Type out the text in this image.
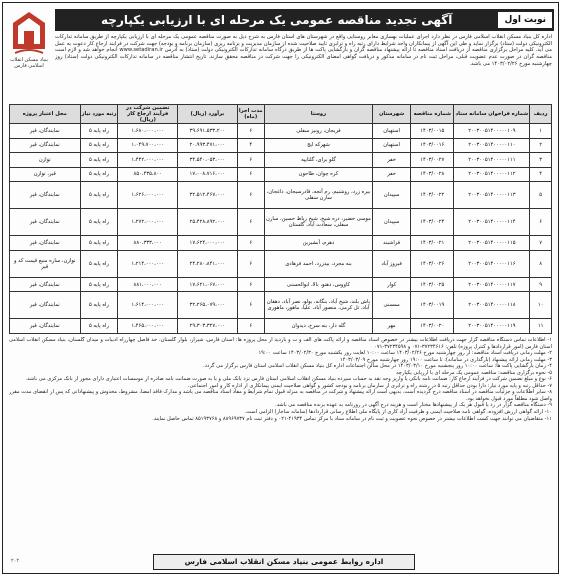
بنیاد مسکن انقلاب اسلامی فارس
نوبت اول
آگهی تجدید مناقصه عمومی یک مرحله ای با ارزیابی یکپارچه
اداره کل بنیاد مسکن انقلاب اسلامی فارس در نظر دارد اجرای عملیات بهسازی معابر روستایی واقع در شهرستان های استان فارس به شرح ذیل به صورت مناقصه عمومی یک مرحله ای با ارزیابی یکپارچه از طریق سامانه تدارکات الکترونیکی دولت (ستاد) برگزار نماید و طی این آگهی از پیمانکاران واجد شرایط دارای رتبه راه و ترابری تایید صلاحیت شده از سازمان مدیریت و برنامه ریزی (سازمان برنامه و بودجه) جهت شرکت در فرایند ارجاع کار دعوت به عمل می آید. کلیه مراحل برگزاری مناقصه از دریافت اسناد مناقصه تا ارائه پیشنهاد مناقصه گران و بازگشایی پاکت ها از طریق درگاه سامانه تدارکات الکترونیکی دولت (ستاد) به آدرس www.setadiran.ir انجام خواهد شد و لازم است مناقصه گران در صورت عدم عضویت قبلی، مراحل ثبت نام در سامانه مذکور و دریافت گواهی امضای الکترونیکی را جهت شرکت در مناقصه محقق سازند. تاریخ انتشار مناقصه در سامانه تدارکات الکترونیکی دولت (ستاد) روز چهارشنبه مورخ ۱۴۰۳/۰۲/۲۶ می باشد.
ردیف	شماره فراخوان سامانه ستاد	شماره مناقصه	شهرستان	روستا	مدت اجرا (ماه)	برآورد (ریال)	تضمین شرکت در فرآیند ارجاع کار (ریال)	رتبه مورد نیاز	محل اعتبار پروژه
۱	۲۰۰۳۰۰۵۱۴۰۰۰۰۰۱۰۹	۱۴۰۳/۰۰۱۵	استهبان	فریجان، رونیز سفلی	۶	۳۹،۶۹۱،۵۳۳،۲۰۰	۱،۶۸۰،۰۰۰،۰۰۰	راه پایه ۵	نمایندگان، قیر
۲	۲۰۰۳۰۰۵۱۴۰۰۰۰۰۱۱۰	۱۴۰۳/۰۰۱۶	استهبان	شهرکه ایج	۴	۲۰،۹۹۳،۴۷۱،۰۰۰	۱،۰۴۹،۷۰۰،۰۰۰	راه پایه ۵	نمایندگان، قیر
۳	۲۰۰۳۰۰۵۱۴۰۰۰۰۰۱۱۱	۱۴۰۳/۰۰۲۷	خفر	گلو برای، گلتایپه	۶	۳۴،۵۴۰،۰۵۳،۰۰۰	۱،۴۴۲،۰۰۰،۰۰۰	راه پایه ۵	توازن
۴	۲۰۰۳۰۰۵۱۴۰۰۰۰۰۱۱۲	۱۴۰۳/۰۰۲۸	خفر	کره چوان، طاحون	۶	۱۷،۰۰۸،۷۱۶،۰۰۰	۸۵۰،۴۳۵،۸۰۰	راه پایه ۵	قیر، توازن
۵	۲۰۰۳۰۰۵۱۴۰۰۰۰۰۱۱۳	۱۴۰۳/۰۰۲۲	سپیدان	بیره زرد، روشنیم، رم آنجه، قادرسیجان، داغجان، سارن سفلی	۶	۳۲،۵۱۲،۴۶۷،۰۰۰	۱،۶۲۶،۰۰۰،۰۰۰	راه پایه ۵	نمایندگان، قیر
۶	۲۰۰۳۰۰۵۱۴۰۰۰۰۰۱۱۴	۱۴۰۳/۰۰۲۴	سپیدان	موسی خضیر، دره شیخ، شیخ رباط حسین، سارن سفلی، سعادت آباد، گلستان	۶	۲۵،۴۲۸،۸۹۲،۰۰۰	۱،۲۷۲،۰۰۰،۰۰۰	راه پایه ۵	نمایندگان، قیر
۷	۲۰۰۳۰۰۵۱۴۰۰۰۰۰۱۱۵	۱۴۰۳/۰۰۲۱	فراشبند	دهرم، آبشیرین	۶	۱۷،۶۲۴،۰۰۰،۰۰۰	۸۸۰،۳۳۳،۰۰۰	راه پایه ۵	نمایندگان، قیر
۸	۲۰۰۳۰۰۵۱۴۰۰۰۰۰۱۱۶	۱۴۰۳/۰۰۲۶	فیروز آباد	بنه مجرد، بیدزرد، احمد فرهادی	۶	۲۴،۲۸۰،۸۴۱،۰۰۰	۱،۲۱۴،۰۰۰،۰۰۰	راه پایه ۵	نوازن، ساره منبع قیمت کد و قیر
۹	۲۰۰۳۰۰۵۱۴۰۰۰۰۰۱۱۷	۱۴۰۳/۰۰۲۵	کوار	کاووس، دهنو، بالا، ابوالحسنی	۶	۱۷،۶۲۱،۰۶۷،۰۰۰	۸۸۱،۰۰۰،۰۰۰	راه پایه ۵	نمایندگان، قیر
۱۰	۲۰۰۳۰۰۵۱۴۰۰۰۰۰۱۱۸	۱۴۰۳/۰۰۱۹	ممسنی	باش بلند، شیخ آباد، بنگانه، بولو، نصر آباد، دهقان آباد، تل کرمی، منصور آباد، علیا، ماهور، ماهوری	۶	۳۲،۲۶۵،۰۷۹،۰۰۰	۱،۶۱۴،۰۰۰،۰۰۰	راه پایه ۵	نمایندگان، قیر
۱۱	۲۰۰۳۰۰۵۱۴۰۰۰۰۰۱۱۹	۱۴۰۳/۰۰۲۰	مهر	گله دار، بنه سرخ، دیدوان	۶	۲۹،۳۰۳،۳۲۷،۰۰۰	۱،۴۶۵،۰۰۰،۰۰۰	راه پایه ۵	نمایندگان، قیر

۱- اطلاعات تماس دستگاه مناقصه گزار جهت دریافت اطلاعات بیشتر در خصوص اسناد مناقصه و ارائه پاکت های الف و ب و بازدید از محل پروژه ها: استان فارس، شیراز، بلوار گلستان، حد فاصل چهارراه ادبیات و میدان گلستان، بنیاد مسکن انقلاب اسلامی استان فارس (امور قراردادها و کنترل پروژه) تلفن: ۳۷۲۳۴۶۱۶-۰۷۱ و ۳۷۲۳۴۵۹۸-۰۷۱

۲- مهلت زمانی دریافت اسناد مناقصه: از روز چهارشنبه مورخ ۱۴۰۳/۰۲/۲۶ ساعت ۱۰:۰۰ لغایت روز یکشنبه مورخ ۱۴۰۳/۰۲/۳۰ ساعت ۱۹:۰۰

۳- مهلت زمانی ارائه پیشنهاد (بارگذاری در سامانه): تا ساعت ۱۹:۰۰ روز چهارشنبه مورخ ۱۴۰۳/۰۳/۰۹

۴- زمان بازگشایی پاکت ها: ساعت ۱۰:۰۰ روز پنجشنبه مورخ ۱۴۰۳/۰۳/۱۰ در محل سالن اجتماعات اداره کل بنیاد مسکن انقلاب اسلامی استان فارس برگزار می گردد.

۵- نحوه برگزاری مناقصه: مناقصه عمومی یک مرحله ای با ارزیابی یکپارچه

۶- نوع و مبلغ تضمین شرکت در فرآیند ارجاع کار: ضمانت نامه بانکی یا واریز وجه نقد به حساب سپرده بنیاد مسکن انقلاب اسلامی استان فارس نزد بانک ملی و یا به صورت ضمانت نامه صادره از موسسات اعتباری دارای مجوز از بانک مرکزی می باشد.

۷- حداقل رتبه و پایه مورد نیاز: دارا بودن حداقل رتبه ۵ در رشته راه و ترابری از سازمان برنامه و بودجه کشور و گواهی صلاحیت ایمنی پیمانکاری از اداره کار و امور اجتماعی.

۸- سایر اطلاعات و جزئیات مناقصه در اسناد مناقصه درج گردیده است. بدیهی است ارائه پیشنهاد و شرکت در مناقصه به منزله قبول تمام شرایط و مفاد اسناد مناقصه می باشد و مدارک فاقد امضا، مشروط، مخدوش و پیشنهاداتی که پس از انقضای مدت مقرر واصل شود مطلقاً مورد قبول نخواهد بود.

۹- دستگاه مناقصه گزار در رد یا قبول هر یک از پیشنهادها مختار است و هزینه درج آگهی در روزنامه به عهده برنده مناقصه می باشد.

۱۰- ارائه گواهی ارزش افزوده، گواهی نامه صلاحیت ایمنی و ظرفیت آزاد کاری از پایگاه ملی اطلاع رسانی قراردادها (سامانه ساجار) الزامی است.

۱۱- متقاضیان می توانند جهت کسب اطلاعات بیشتر در خصوص نحوه عضویت و ثبت نام در سامانه ستاد با مرکز تماس ۴۱۹۳۴-۰۲۱ و دفتر ثبت نام ۸۸۹۶۹۷۳۷ و ۸۵۱۹۳۷۶۸ تماس حاصل نمایند.

اداره روابط عمومی بنیاد مسکن انقلاب اسلامی فارس
۲۰۲
